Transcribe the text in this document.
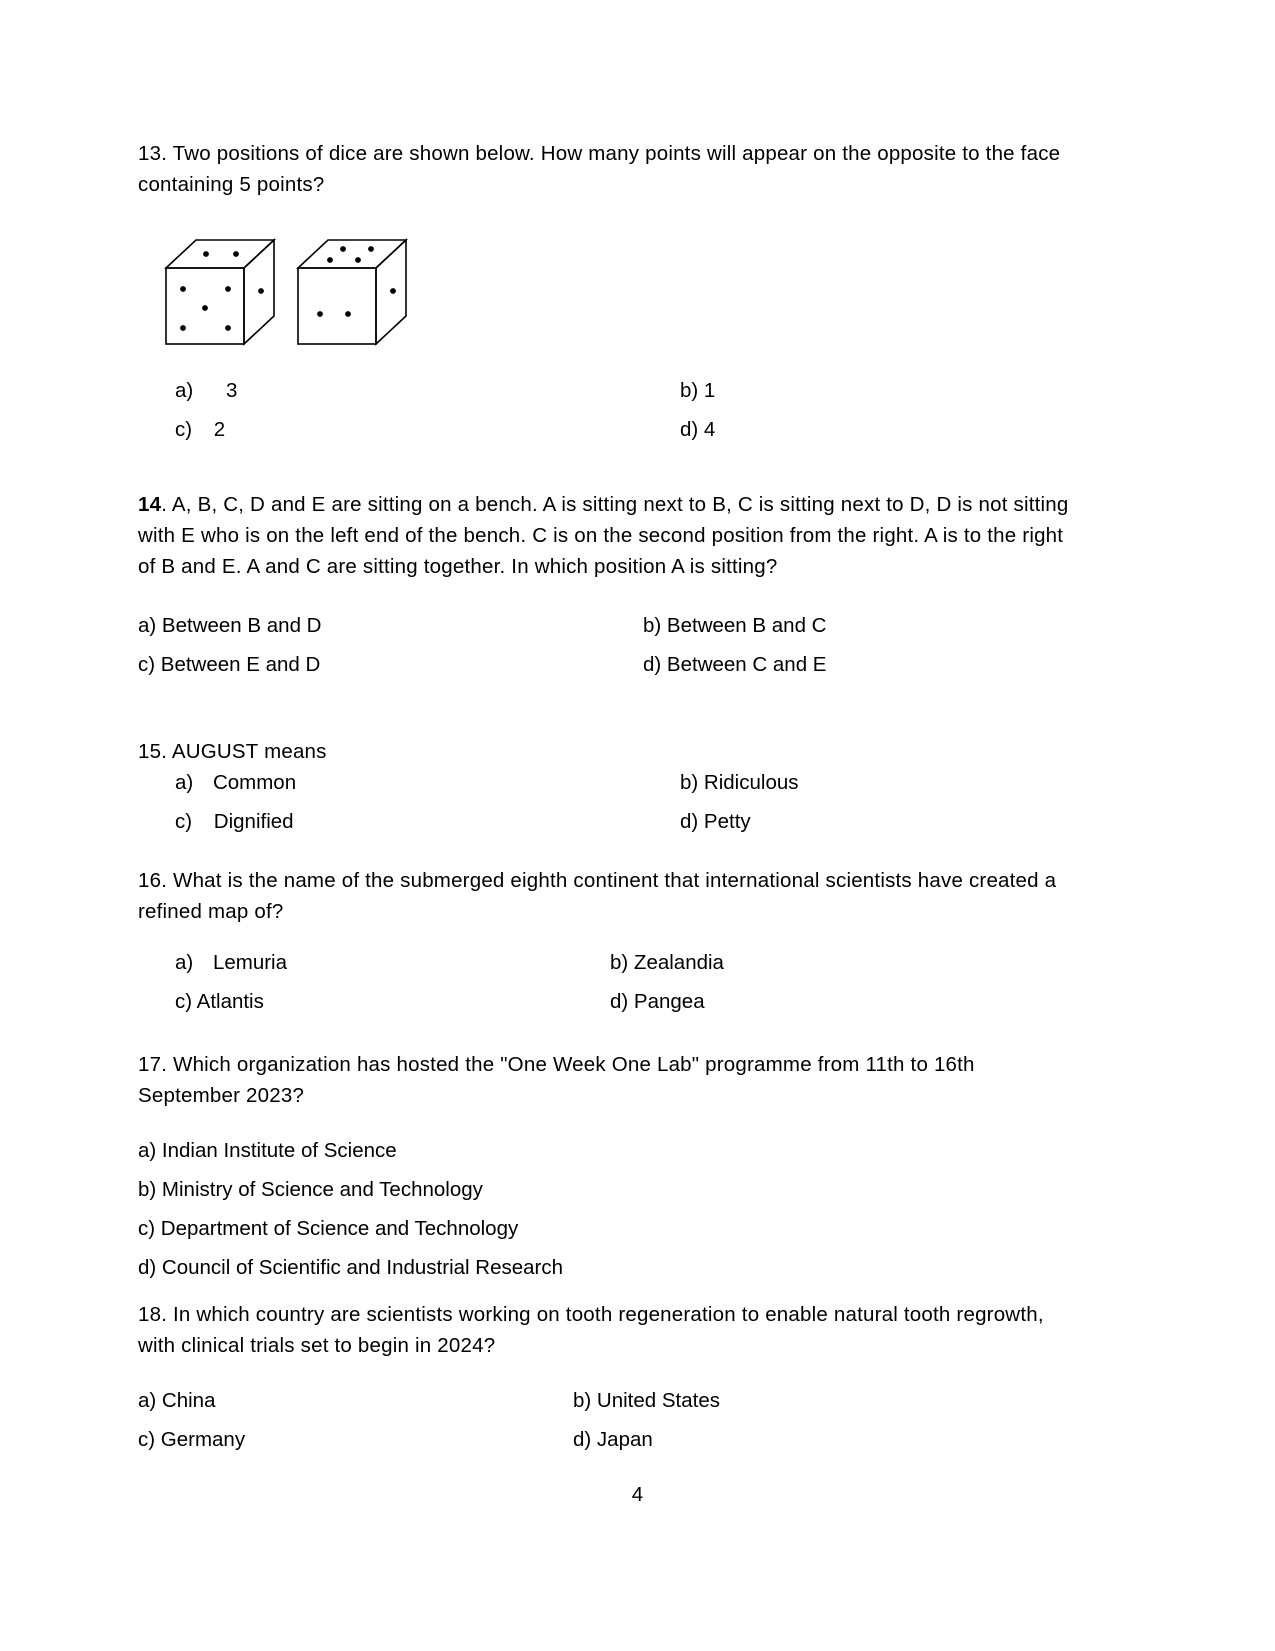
13. Two positions of dice are shown below. How many points will appear on the opposite to the face containing 5 points?

a) 3	b) 1
c) 2	d) 4

14. A, B, C, D and E are sitting on a bench. A is sitting next to B, C is sitting next to D, D is not sitting with E who is on the left end of the bench. C is on the second position from the right. A is to the right of B and E. A and C are sitting together. In which position A is sitting?

a) Between B and D	b) Between B and C
c) Between E and D	d) Between C and E

15. AUGUST means

a) Common	b) Ridiculous
c) Dignified	d) Petty

16. What is the name of the submerged eighth continent that international scientists have created a refined map of?

a) Lemuria	b) Zealandia
c) Atlantis	d) Pangea

17. Which organization has hosted the "One Week One Lab" programme from 11th to 16th September 2023?

a) Indian Institute of Science
b) Ministry of Science and Technology
c) Department of Science and Technology
d) Council of Scientific and Industrial Research

18. In which country are scientists working on tooth regeneration to enable natural tooth regrowth, with clinical trials set to begin in 2024?

a) China	b) United States
c) Germany	d) Japan
4
